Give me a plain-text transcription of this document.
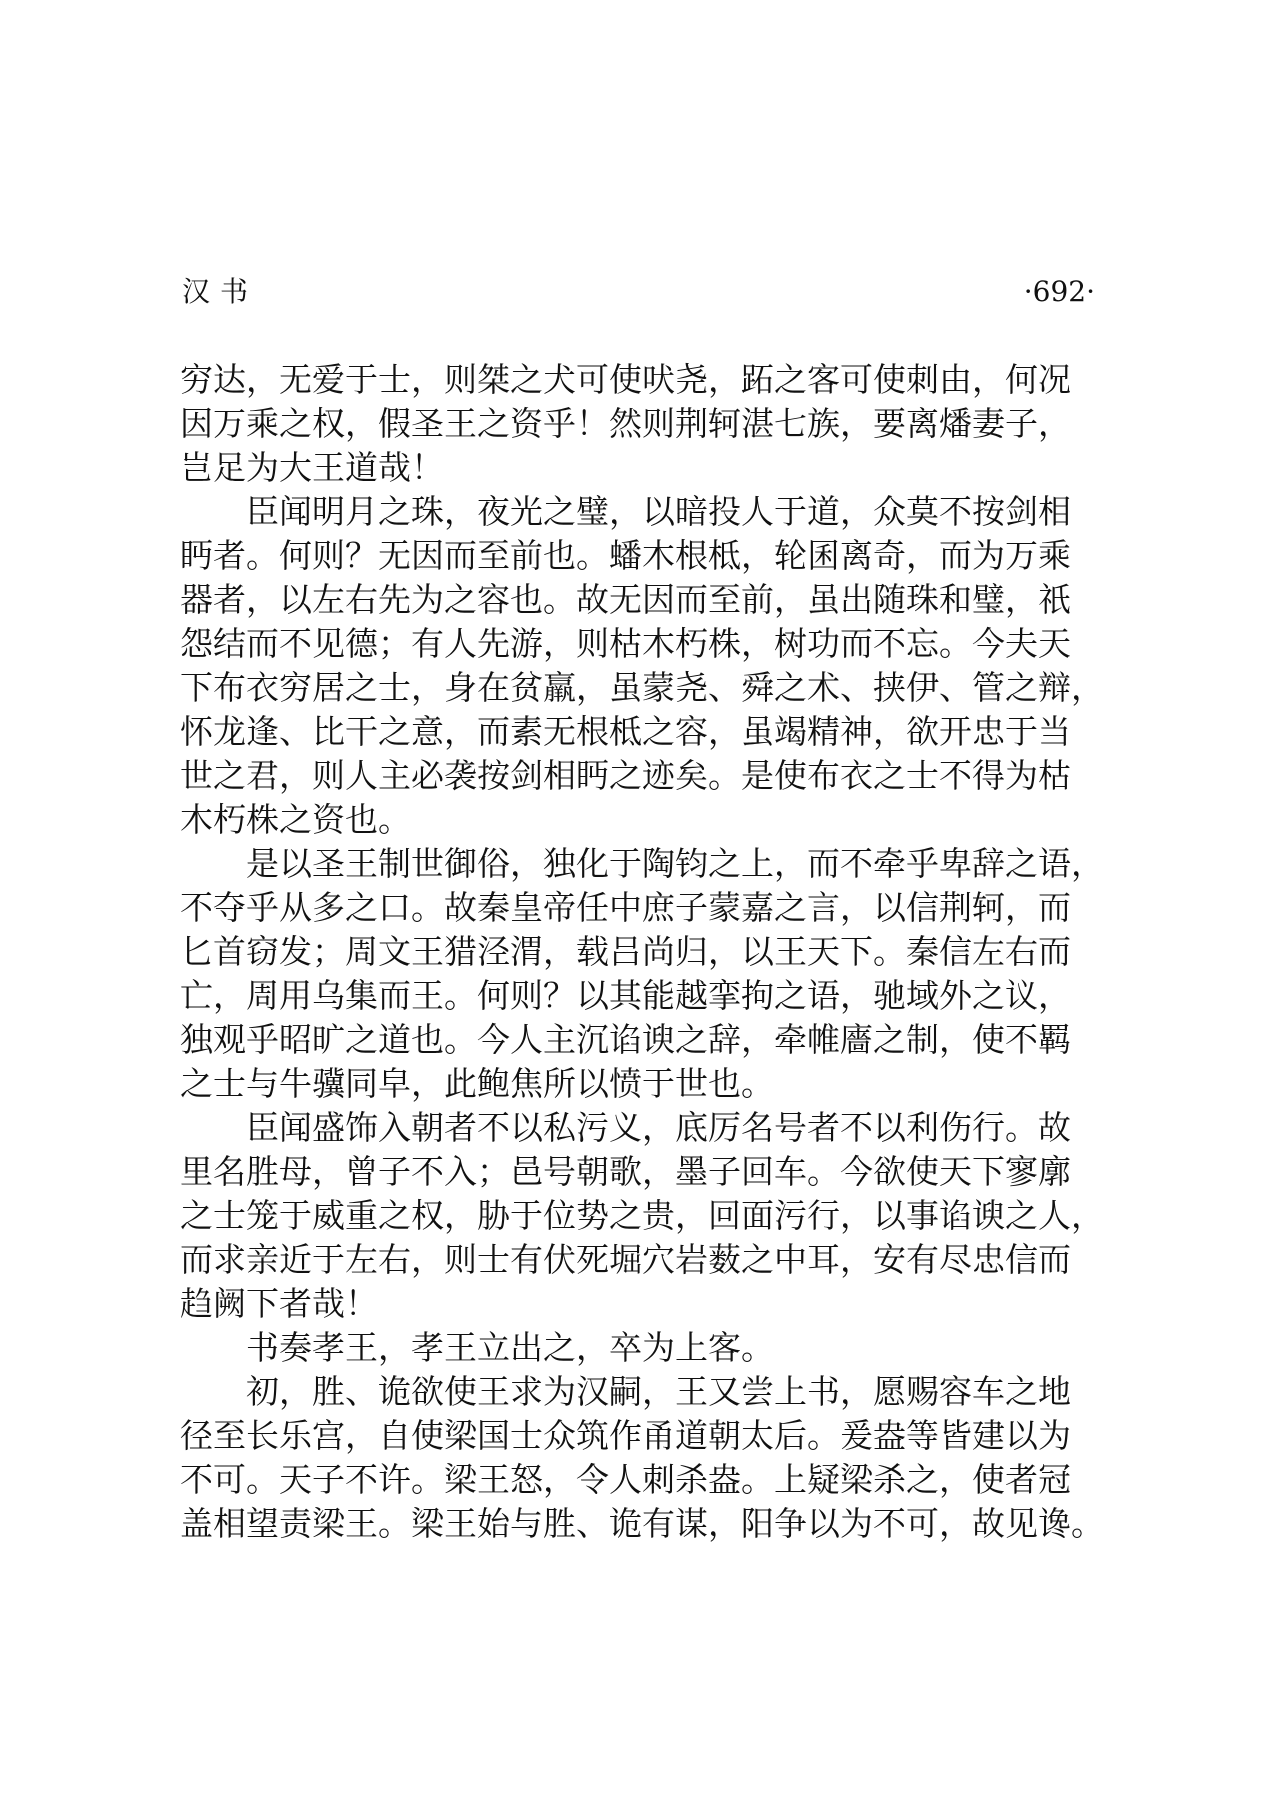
汉书	·692·
穷达，无爱于士，则桀之犬可使吠尧，跖之客可使刺由，何况
因万乘之权，假圣王之资乎！然则荆轲湛七族，要离燔妻子，
岂足为大王道哉！
臣闻明月之珠，夜光之璧，以暗投人于道，众莫不按剑相
眄者。何则？无因而至前也。蟠木根柢，轮囷离奇，而为万乘
器者，以左右先为之容也。故无因而至前，虽出随珠和璧，祇
怨结而不见德；有人先游，则枯木朽株，树功而不忘。今夫天
下布衣穷居之士，身在贫羸，虽蒙尧、舜之术、挟伊、管之辩，
怀龙逢、比干之意，而素无根柢之容，虽竭精神，欲开忠于当
世之君，则人主必袭按剑相眄之迹矣。是使布衣之士不得为枯
木朽株之资也。
是以圣王制世御俗，独化于陶钧之上，而不牵乎卑辞之语，
不夺乎从多之口。故秦皇帝任中庶子蒙嘉之言，以信荆轲，而
匕首窃发；周文王猎泾渭，载吕尚归，以王天下。秦信左右而
亡，周用乌集而王。何则？以其能越挛拘之语，驰域外之议，
独观乎昭旷之道也。今人主沉谄谀之辞，牵帷廧之制，使不羁
之士与牛骥同皁，此鲍焦所以愤于世也。
臣闻盛饰入朝者不以私污义，底厉名号者不以利伤行。故
里名胜母，曾子不入；邑号朝歌，墨子回车。今欲使天下寥廓
之士笼于威重之权，胁于位势之贵，回面污行，以事谄谀之人，
而求亲近于左右，则士有伏死堀穴岩薮之中耳，安有尽忠信而
趋阙下者哉！
书奏孝王，孝王立出之，卒为上客。
初，胜、诡欲使王求为汉嗣，王又尝上书，愿赐容车之地
径至长乐宫，自使梁国士众筑作甬道朝太后。爰盎等皆建以为
不可。天子不许。梁王怒，令人刺杀盎。上疑梁杀之，使者冠
盖相望责梁王。梁王始与胜、诡有谋，阳争以为不可，故见谗。
